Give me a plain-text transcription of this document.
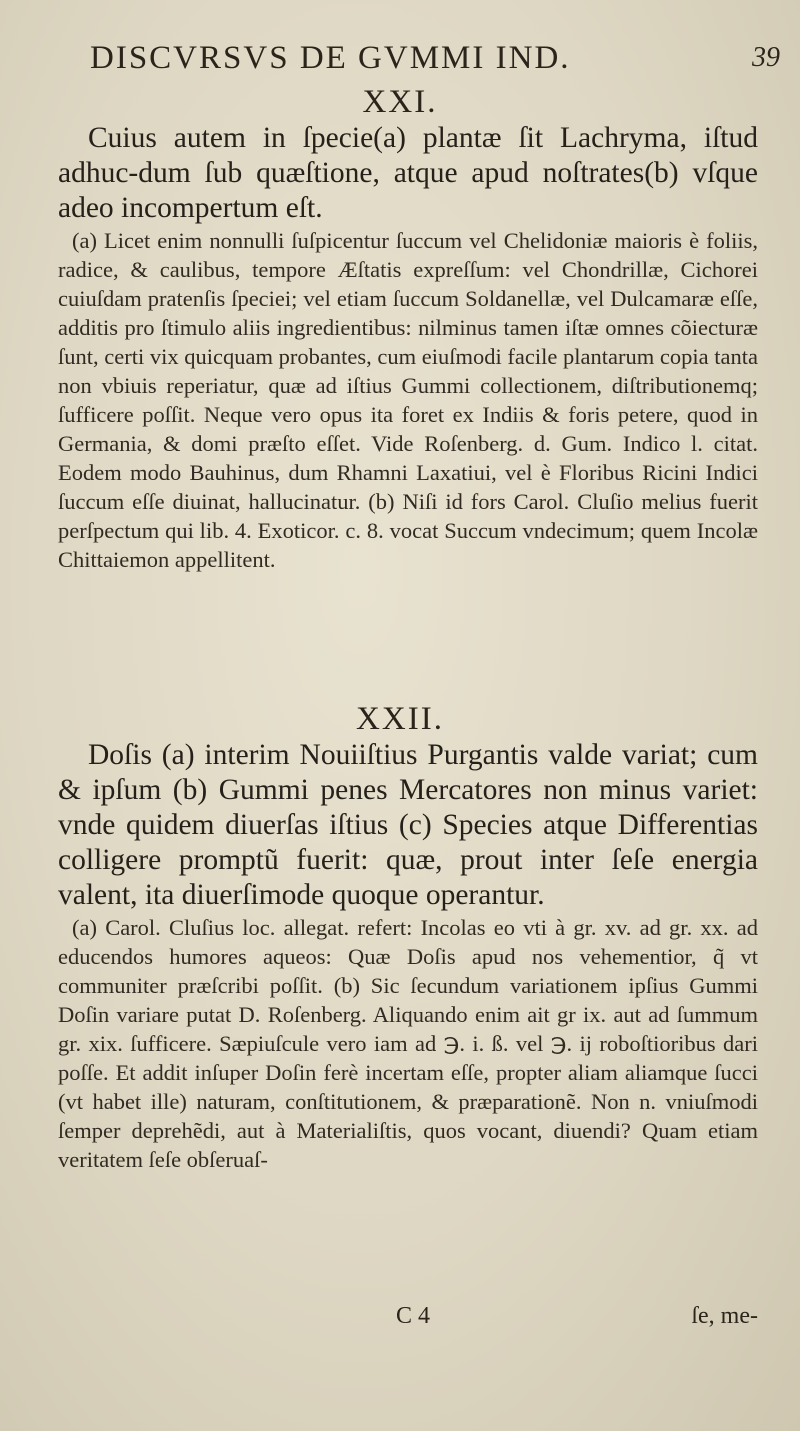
DISCVRSVS DE GVMMI IND.	39
XXI.

Cuius autem in ſpecie(a) plantæ ſit Lachryma, iſtud adhuc-dum ſub quæſtione, atque apud noſtrates(b) vſque adeo incompertum eſt.

(a) Licet enim nonnulli ſuſpicentur ſuccum vel Chelidoniæ maioris è foliis, radice, & caulibus, tempore Æſtatis expreſſum: vel Chondrillæ, Cichorei cuiuſdam pratenſis ſpeciei; vel etiam ſuccum Soldanellæ, vel Dulcamaræ eſſe, additis pro ſtimulo aliis ingredientibus: nilminus tamen iſtæ omnes cõiecturæ ſunt, certi vix quicquam probantes, cum eiuſmodi facile plantarum copia tanta non vbiuis reperiatur, quæ ad iſtius Gummi collectionem, diſtributionemq; ſufficere poſſit. Neque vero opus ita foret ex Indiis & foris petere, quod in Germania, & domi præſto eſſet. Vide Roſenberg. d. Gum. Indico l. citat. Eodem modo Bauhinus, dum Rhamni Laxatiui, vel è Floribus Ricini Indici ſuccum eſſe diuinat, hallucinatur. (b) Niſi id fors Carol. Cluſio melius fuerit perſpectum qui lib. 4. Exoticor. c. 8. vocat Succum vndecimum; quem Incolæ Chittaiemon appellitent.

XXII.

Doſis (a) interim Nouiiſtius Purgantis valde variat; cum & ipſum (b) Gummi penes Mercatores non minus variet: vnde quidem diuerſas iſtius (c) Species atque Differentias colligere promptũ fuerit: quæ, prout inter ſeſe energia valent, ita diuerſimode quoque operantur.

(a) Carol. Cluſius loc. allegat. refert: Incolas eo vti à gr. xv. ad gr. xx. ad educendos humores aqueos: Quæ Doſis apud nos vehementior, q̃ vt communiter præſcribi poſſit. (b) Sic ſecundum variationem ipſius Gummi Doſin variare putat D. Roſenberg. Aliquando enim ait gr ix. aut ad ſummum gr. xix. ſufficere. Sæpiuſcule vero iam ad ℈. i. ß. vel ℈. ij roboſtioribus dari poſſe. Et addit inſuper Doſin ferè incertam eſſe, propter aliam aliamque ſucci (vt habet ille) naturam, conſtitutionem, & præparationẽ. Non n. vniuſmodi ſemper deprehẽdi, aut à Materialiſtis, quos vocant, diuendi? Quam etiam veritatem ſeſe obſeruaſ-

C 4	ſe, me-
